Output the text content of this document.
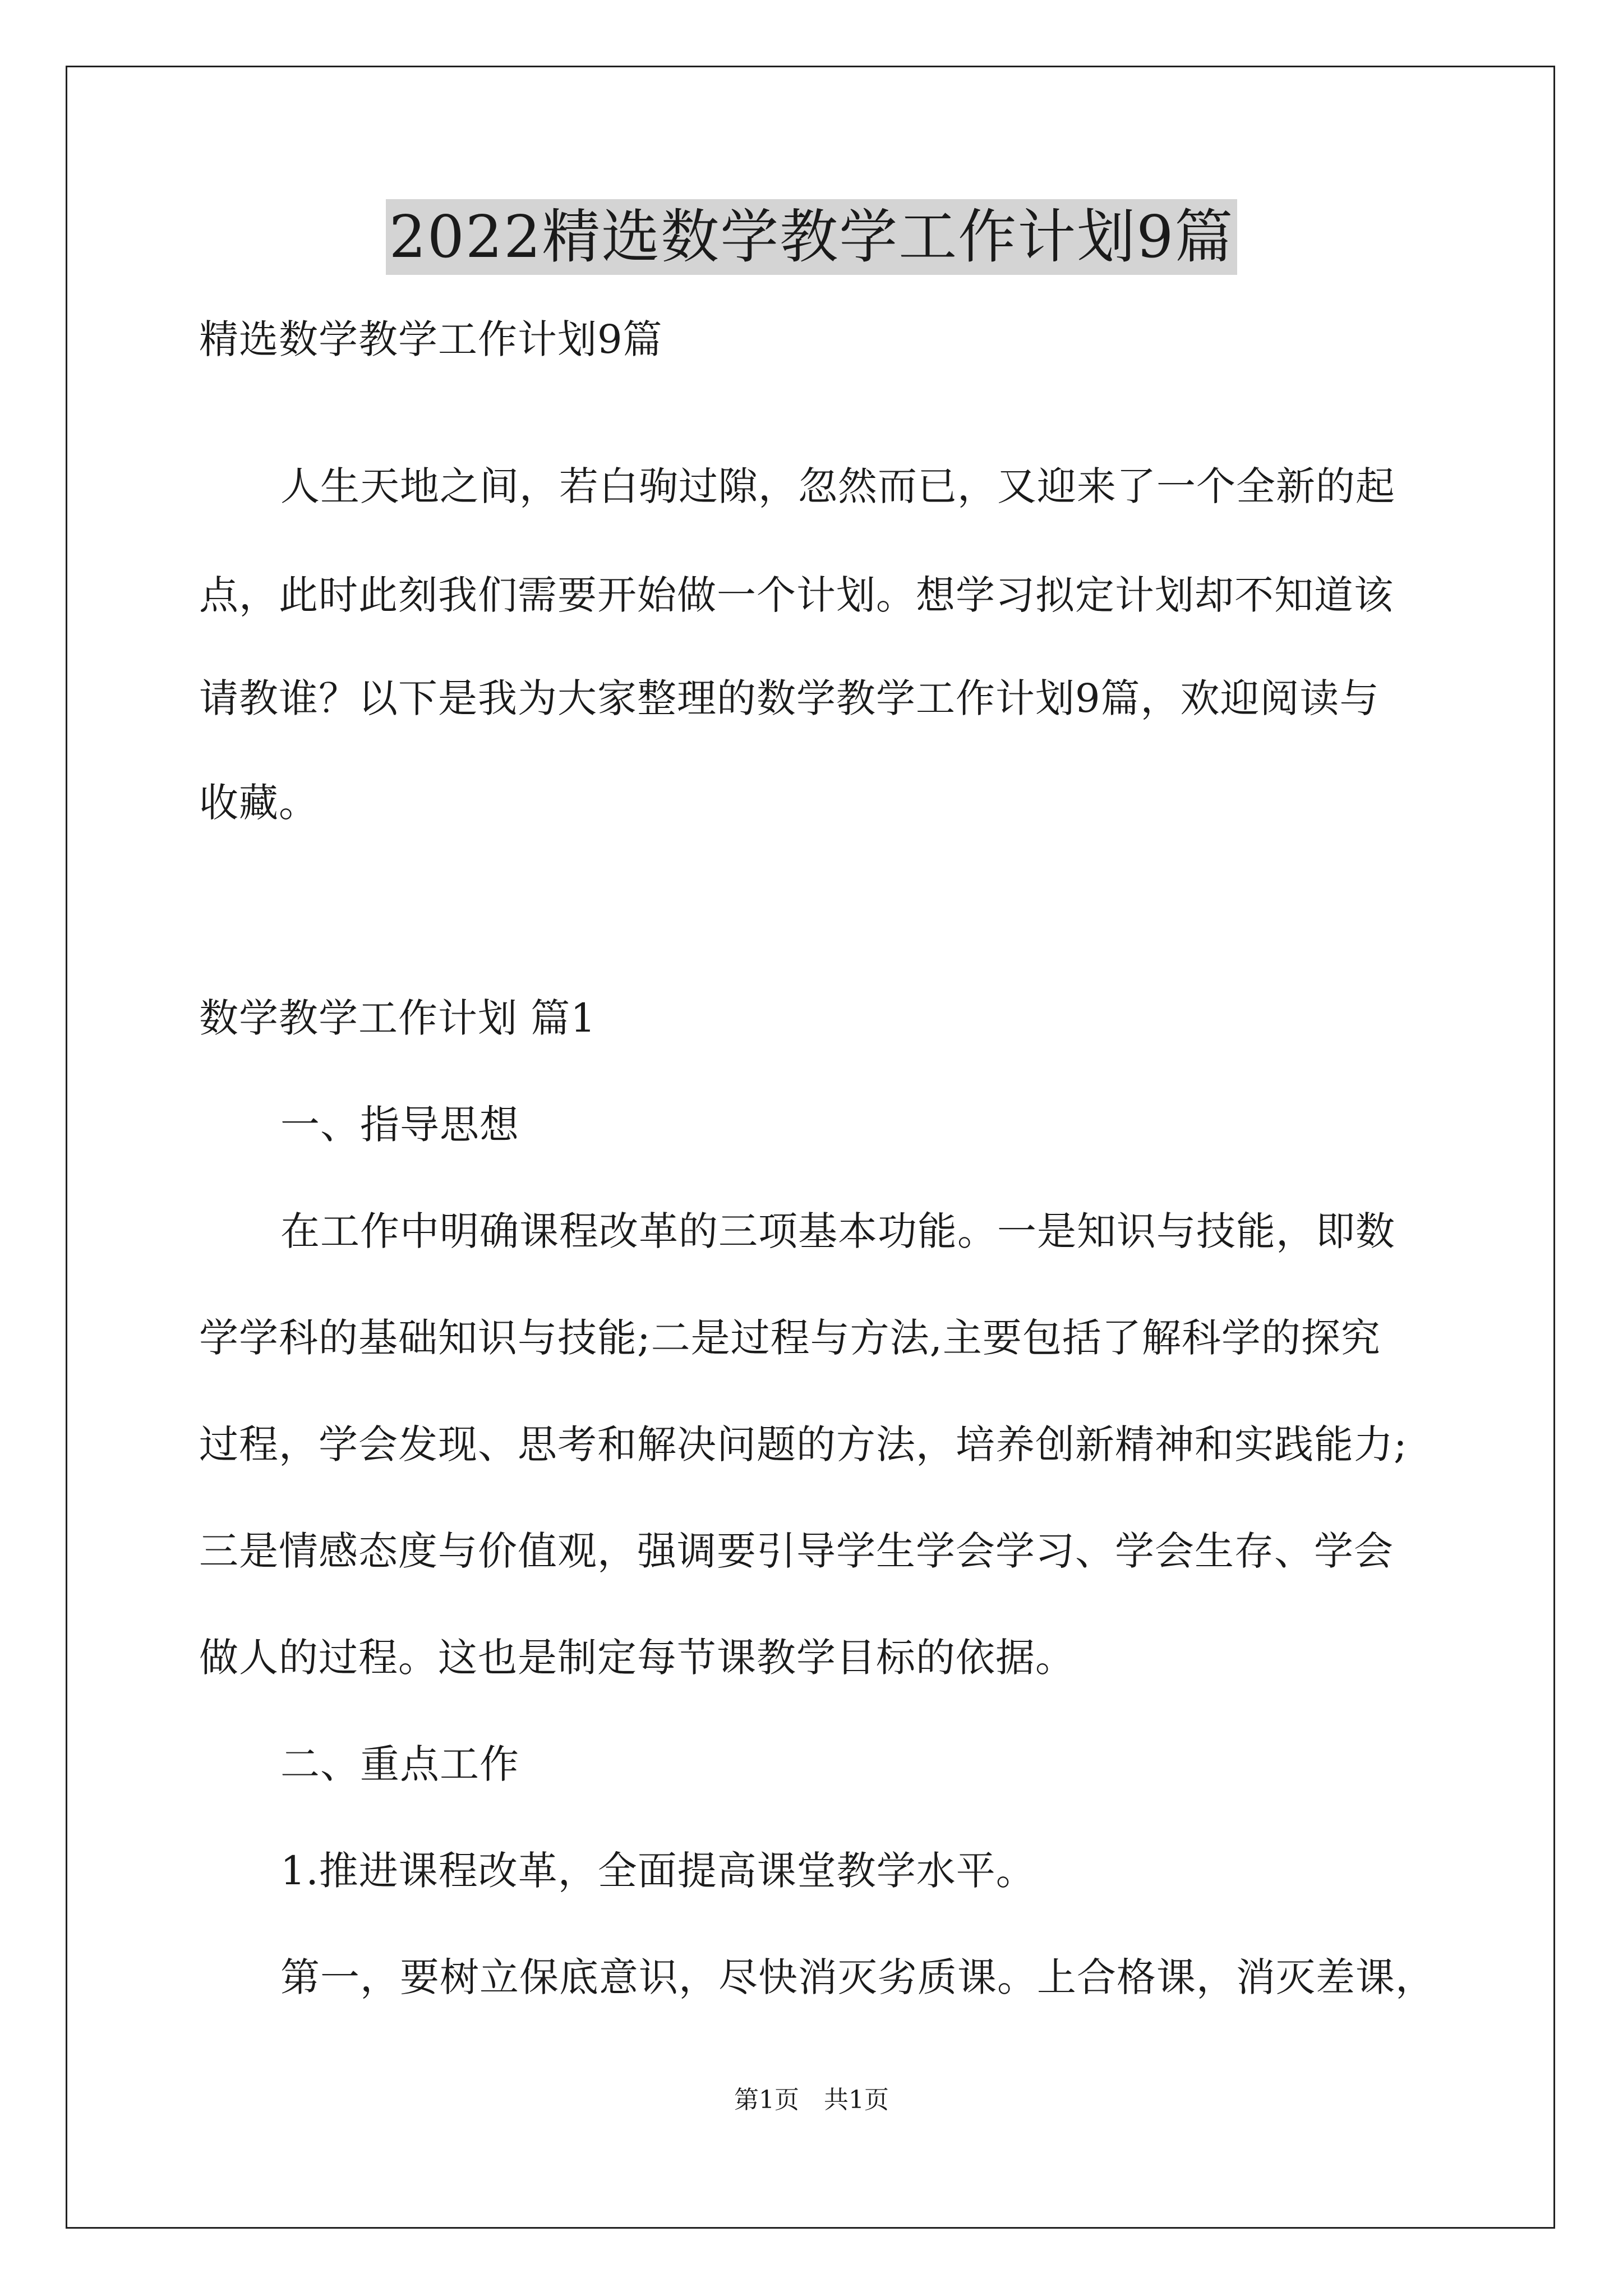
2022精选数学教学工作计划9篇
精选数学教学工作计划9篇
人生天地之间，若白驹过隙，忽然而已，又迎来了一个全新的起
点，此时此刻我们需要开始做一个计划。想学习拟定计划却不知道该
请教谁？以下是我为大家整理的数学教学工作计划9篇，欢迎阅读与
收藏。
数学教学工作计划 篇1
一、指导思想
在工作中明确课程改革的三项基本功能。一是知识与技能，即数
学学科的基础知识与技能;二是过程与方法,主要包括了解科学的探究
过程，学会发现、思考和解决问题的方法，培养创新精神和实践能力;
三是情感态度与价值观，强调要引导学生学会学习、学会生存、学会
做人的过程。这也是制定每节课教学目标的依据。
二、重点工作
1.推进课程改革，全面提高课堂教学水平。
第一，要树立保底意识，尽快消灭劣质课。上合格课，消灭差课，
第1页　共1页
